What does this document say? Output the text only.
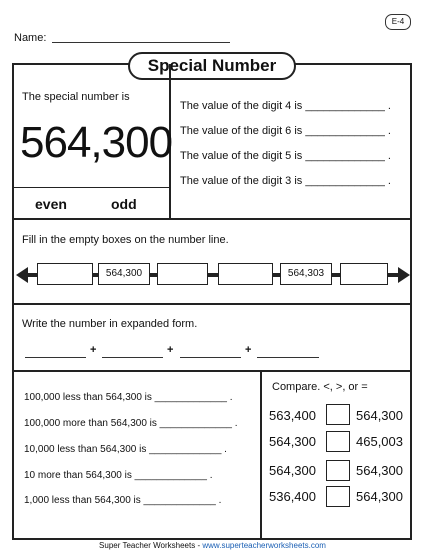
E-4
Name:
Special Number
The special number is
564,300
even	odd
The value of the digit 4 is _____________ .
The value of the digit 6 is _____________ .
The value of the digit 5 is _____________ .
The value of the digit 3 is _____________ .
Fill in the empty boxes on the number line.
564,300	564,303
Write the number in expanded form.
+	+	+
100,000 less than 564,300 is _____________ .
100,000 more than 564,300 is _____________ .
10,000 less than 564,300 is _____________ .
10 more than 564,300 is _____________ .
1,000 less than 564,300 is _____________ .
Compare. <, >, or =
563,400	564,300
564,300	465,003
564,300	564,300
536,400	564,300
Super Teacher Worksheets - www.superteacherworksheets.com
